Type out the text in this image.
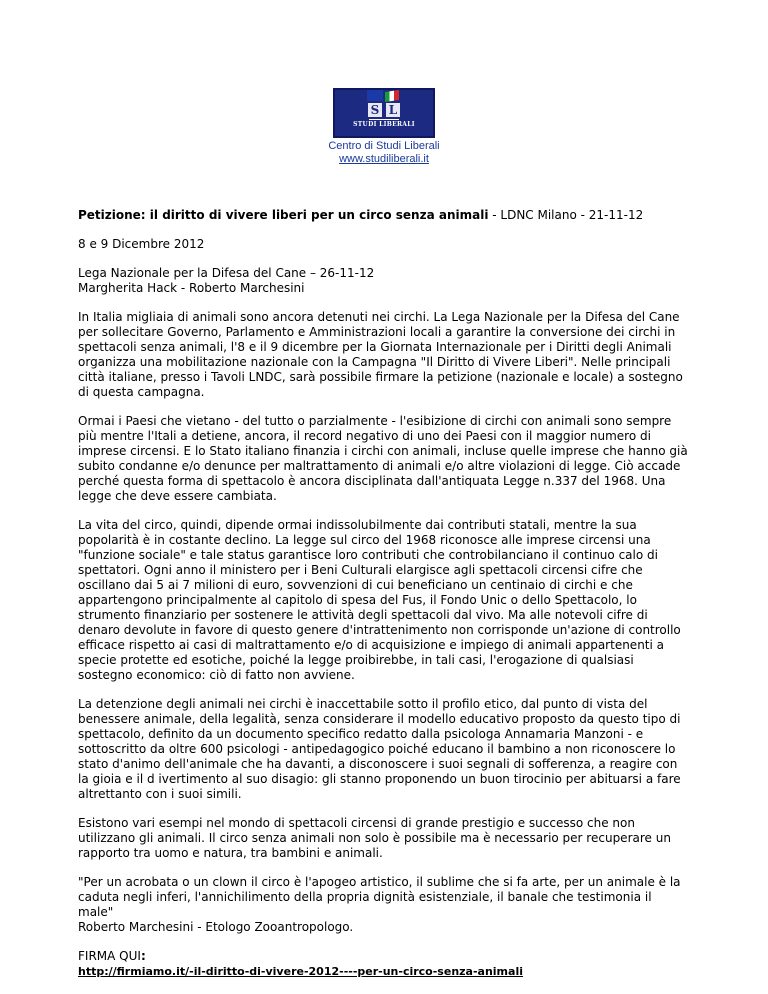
S L
STUDI LIBERALI
Centro di Studi Liberali
www.studiliberali.it

Petizione: il diritto di vivere liberi per un circo senza animali - LDNC Milano - 21-11-12

8 e 9 Dicembre 2012

Lega Nazionale per la Difesa del Cane – 26-11-12
Margherita Hack - Roberto Marchesini

In Italia migliaia di animali sono ancora detenuti nei circhi. La Lega Nazionale per la Difesa del Cane per sollecitare Governo, Parlamento e Amministrazioni locali a garantire la conversione dei circhi in spettacoli senza animali, l'8 e il 9 dicembre per la Giornata Internazionale per i Diritti degli Animali organizza una mobilitazione nazionale con la Campagna "Il Diritto di Vivere Liberi". Nelle principali città italiane, presso i Tavoli LNDC, sarà possibile firmare la petizione (nazionale e locale) a sostegno di questa campagna.

Ormai i Paesi che vietano - del tutto o parzialmente - l'esibizione di circhi con animali sono sempre più mentre l'Itali a detiene, ancora, il record negativo di uno dei Paesi con il maggior numero di imprese circensi. E lo Stato italiano finanzia i circhi con animali, incluse quelle imprese che hanno già subito condanne e/o denunce per maltrattamento di animali e/o altre violazioni di legge. Ciò accade perché questa forma di spettacolo è ancora disciplinata dall'antiquata Legge n.337 del 1968. Una legge che deve essere cambiata.

La vita del circo, quindi, dipende ormai indissolubilmente dai contributi statali, mentre la sua popolarità è in costante declino. La legge sul circo del 1968 riconosce alle imprese circensi una "funzione sociale" e tale status garantisce loro contributi che controbilanciano il continuo calo di spettatori. Ogni anno il ministero per i Beni Culturali elargisce agli spettacoli circensi cifre che oscillano dai 5 ai 7 milioni di euro, sovvenzioni di cui beneficiano un centinaio di circhi e che appartengono principalmente al capitolo di spesa del Fus, il Fondo Unic o dello Spettacolo, lo strumento finanziario per sostenere le attività degli spettacoli dal vivo. Ma alle notevoli cifre di denaro devolute in favore di questo genere d'intrattenimento non corrisponde un'azione di controllo efficace rispetto ai casi di maltrattamento e/o di acquisizione e impiego di animali appartenenti a specie protette ed esotiche, poiché la legge proibirebbe, in tali casi, l'erogazione di qualsiasi sostegno economico: ciò di fatto non avviene.

La detenzione degli animali nei circhi è inaccettabile sotto il profilo etico, dal punto di vista del benessere animale, della legalità, senza considerare il modello educativo proposto da questo tipo di spettacolo, definito da un documento specifico redatto dalla psicologa Annamaria Manzoni - e sottoscritto da oltre 600 psicologi - antipedagogico poiché educano il bambino a non riconoscere lo stato d'animo dell'animale che ha davanti, a disconoscere i suoi segnali di sofferenza, a reagire con la gioia e il d ivertimento al suo disagio: gli stanno proponendo un buon tirocinio per abituarsi a fare altrettanto con i suoi simili.

Esistono vari esempi nel mondo di spettacoli circensi di grande prestigio e successo che non utilizzano gli animali. Il circo senza animali non solo è possibile ma è necessario per recuperare un rapporto tra uomo e natura, tra bambini e animali.

"Per un acrobata o un clown il circo è l'apogeo artistico, il sublime che si fa arte, per un animale è la caduta negli inferi, l'annichilimento della propria dignità esistenziale, il banale che testimonia il male"
Roberto Marchesini - Etologo Zooantropologo.

FIRMA QUI:

http://firmiamo.it/-il-diritto-di-vivere-2012----per-un-circo-senza-animali
